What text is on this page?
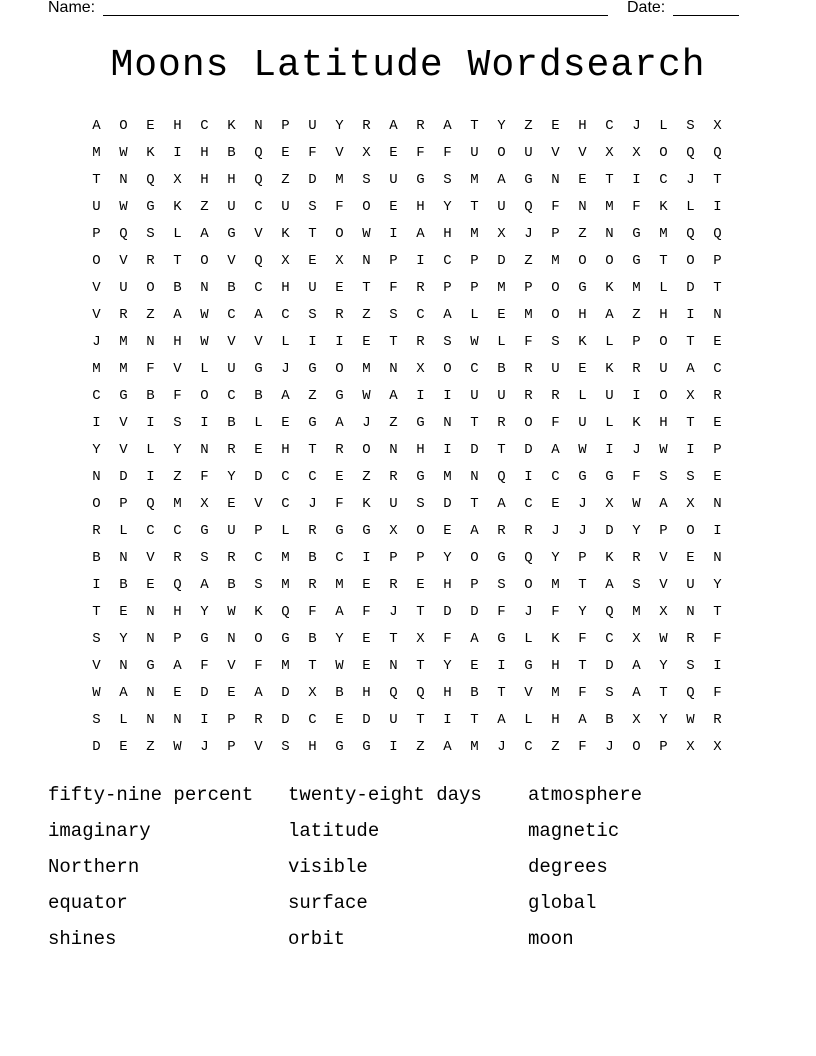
Name:	Date:
Moons Latitude Wordsearch
A	O	E	H	C	K	N	P	U	Y	R	A	R	A	T	Y	Z	E	H	C	J	L	S	X
M	W	K	I	H	B	Q	E	F	V	X	E	F	F	U	O	U	V	V	X	X	O	Q	Q
T	N	Q	X	H	H	Q	Z	D	M	S	U	G	S	M	A	G	N	E	T	I	C	J	T
U	W	G	K	Z	U	C	U	S	F	O	E	H	Y	T	U	Q	F	N	M	F	K	L	I
P	Q	S	L	A	G	V	K	T	O	W	I	A	H	M	X	J	P	Z	N	G	M	Q	Q
O	V	R	T	O	V	Q	X	E	X	N	P	I	C	P	D	Z	M	O	O	G	T	O	P
V	U	O	B	N	B	C	H	U	E	T	F	R	P	P	M	P	O	G	K	M	L	D	T
V	R	Z	A	W	C	A	C	S	R	Z	S	C	A	L	E	M	O	H	A	Z	H	I	N
J	M	N	H	W	V	V	L	I	I	E	T	R	S	W	L	F	S	K	L	P	O	T	E
M	M	F	V	L	U	G	J	G	O	M	N	X	O	C	B	R	U	E	K	R	U	A	C
C	G	B	F	O	C	B	A	Z	G	W	A	I	I	U	U	R	R	L	U	I	O	X	R
I	V	I	S	I	B	L	E	G	A	J	Z	G	N	T	R	O	F	U	L	K	H	T	E
Y	V	L	Y	N	R	E	H	T	R	O	N	H	I	D	T	D	A	W	I	J	W	I	P
N	D	I	Z	F	Y	D	C	C	E	Z	R	G	M	N	Q	I	C	G	G	F	S	S	E
O	P	Q	M	X	E	V	C	J	F	K	U	S	D	T	A	C	E	J	X	W	A	X	N
R	L	C	C	G	U	P	L	R	G	G	X	O	E	A	R	R	J	J	D	Y	P	O	I
B	N	V	R	S	R	C	M	B	C	I	P	P	Y	O	G	Q	Y	P	K	R	V	E	N
I	B	E	Q	A	B	S	M	R	M	E	R	E	H	P	S	O	M	T	A	S	V	U	Y
T	E	N	H	Y	W	K	Q	F	A	F	J	T	D	D	F	J	F	Y	Q	M	X	N	T
S	Y	N	P	G	N	O	G	B	Y	E	T	X	F	A	G	L	K	F	C	X	W	R	F
V	N	G	A	F	V	F	M	T	W	E	N	T	Y	E	I	G	H	T	D	A	Y	S	I
W	A	N	E	D	E	A	D	X	B	H	Q	Q	H	B	T	V	M	F	S	A	T	Q	F
S	L	N	N	I	P	R	D	C	E	D	U	T	I	T	A	L	H	A	B	X	Y	W	R
D	E	Z	W	J	P	V	S	H	G	G	I	Z	A	M	J	C	Z	F	J	O	P	X	X
fifty-nine percent	twenty-eight days	atmosphere
imaginary	latitude	magnetic
Northern	visible	degrees
equator	surface	global
shines	orbit	moon
